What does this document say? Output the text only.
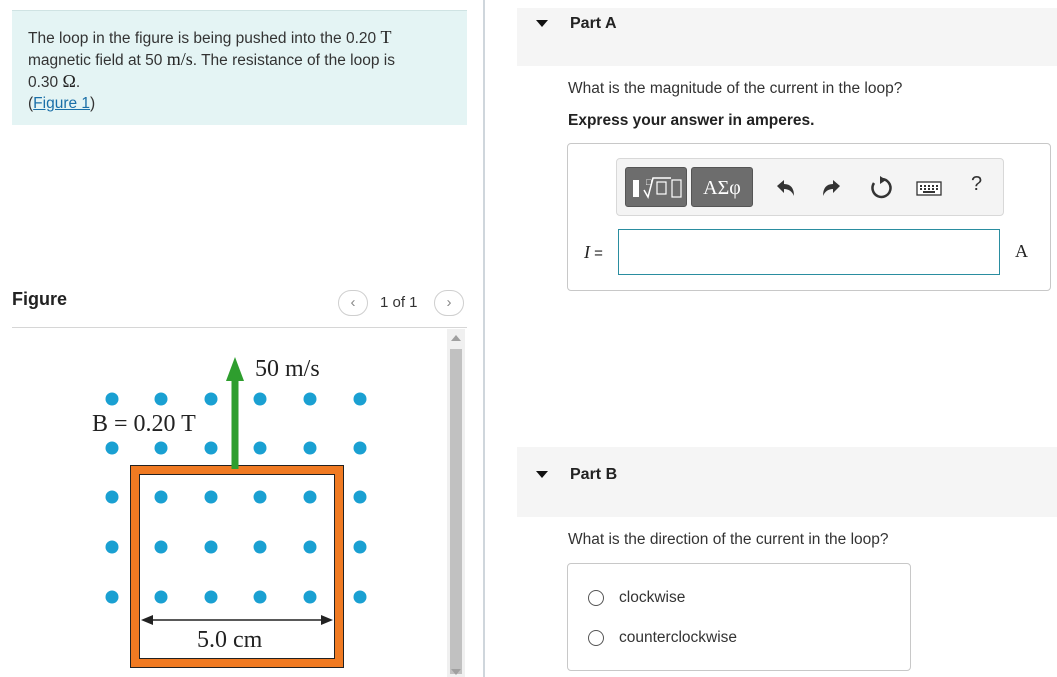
The loop in the figure is being pushed into the 0.20 T
magnetic field at 50 m/s. The resistance of the loop is
0.30 Ω.
(Figure 1)
Figure	‹	1 of 1	›
50 m/s
B = 0.20 T
5.0 cm
Part A
What is the magnitude of the current in the loop?
Express your answer in amperes.
□	ΑΣφ	?
I =	A
Part B
What is the direction of the current in the loop?
clockwise
counterclockwise
